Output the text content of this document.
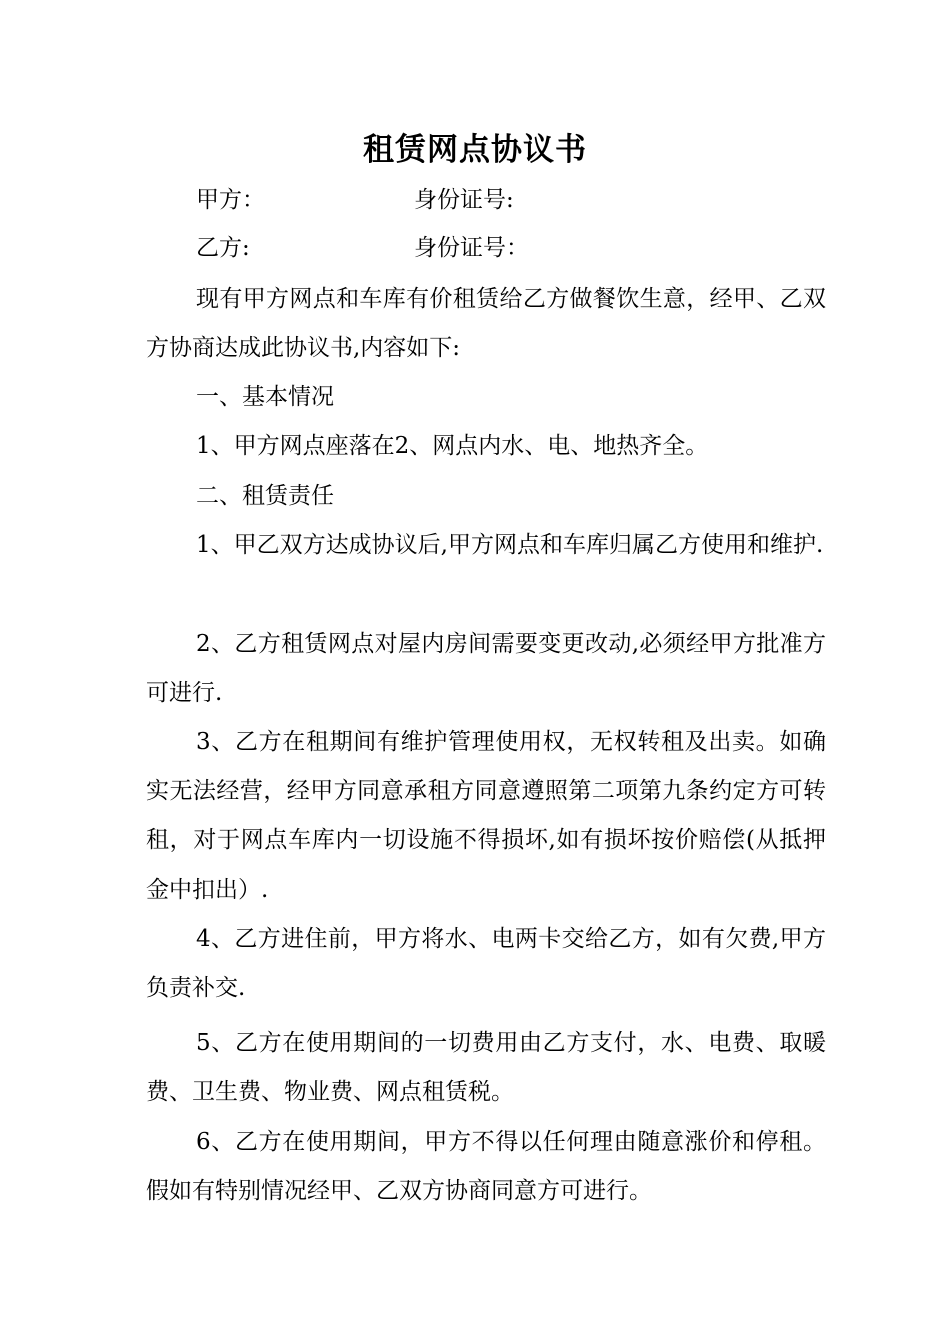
租赁网点协议书
甲方：	身份证号:
乙方:	身份证号：

现有甲方网点和车库有价租赁给乙方做餐饮生意，经甲、乙双方协商达成此协议书,内容如下:

一、基本情况

1、甲方网点座落在2、网点内水、电、地热齐全。

二、租赁责任

1、甲乙双方达成协议后,甲方网点和车库归属乙方使用和维护.

2、乙方租赁网点对屋内房间需要变更改动,必须经甲方批准方可进行.

3、乙方在租期间有维护管理使用权，无权转租及出卖。如确实无法经营，经甲方同意承租方同意遵照第二项第九条约定方可转租，对于网点车库内一切设施不得损坏,如有损坏按价赔偿(从抵押金中扣出）.

4、乙方进住前，甲方将水、电两卡交给乙方，如有欠费,甲方负责补交.

5、乙方在使用期间的一切费用由乙方支付，水、电费、取暖费、卫生费、物业费、网点租赁税。

6、乙方在使用期间，甲方不得以任何理由随意涨价和停租。假如有特别情况经甲、乙双方协商同意方可进行。
